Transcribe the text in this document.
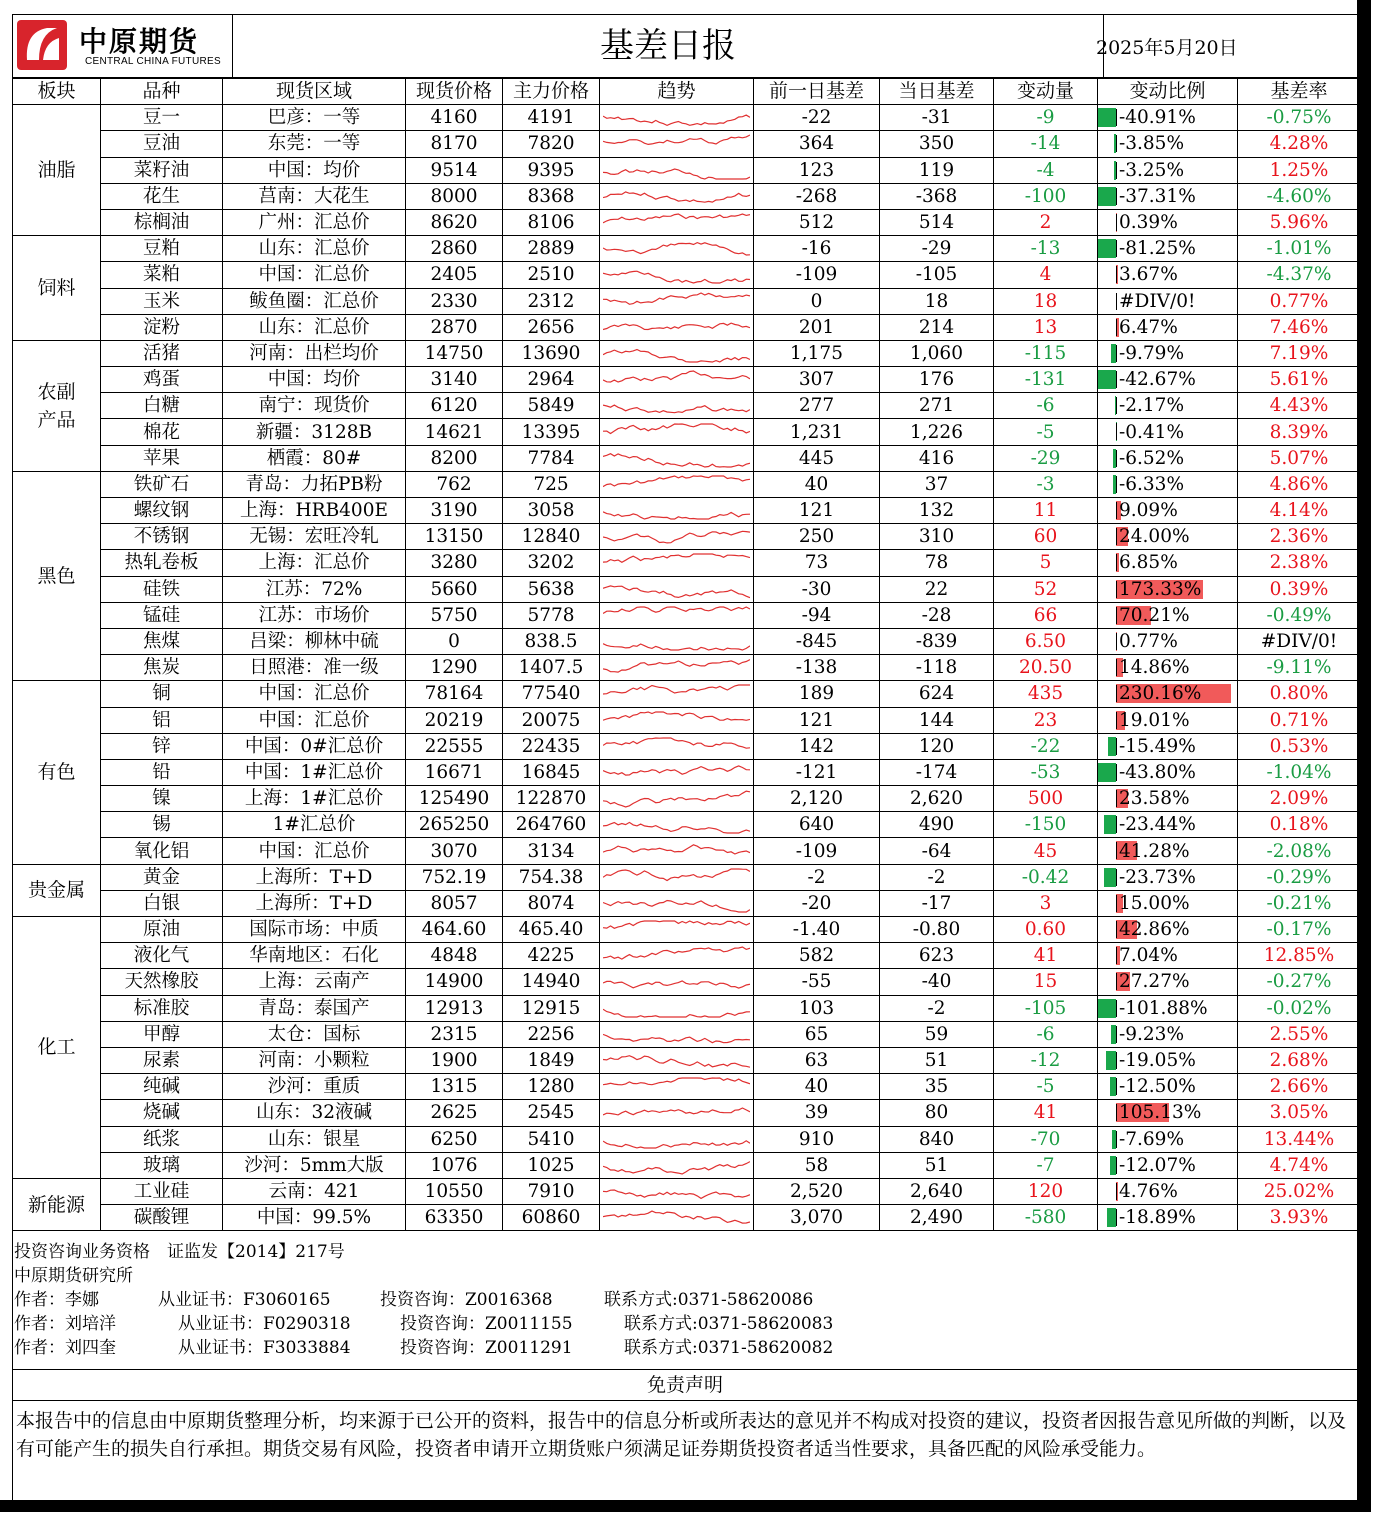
中原期货
CENTRAL CHINA FUTURES	基差日报	2025年5月20日
板块	品种	现货区域	现货价格	主力价格	趋势	前一日基差	当日基差	变动量	变动比例	基差率
油脂	豆一	巴彦：一等	4160	4191		-22	-31	-9	-40.91%	-0.75%
	豆油	东莞：一等	8170	7820		364	350	-14	-3.85%	4.28%
	菜籽油	中国：均价	9514	9395		123	119	-4	-3.25%	1.25%
	花生	莒南：大花生	8000	8368		-268	-368	-100	-37.31%	-4.60%
	棕榈油	广州：汇总价	8620	8106		512	514	2	0.39%	5.96%
饲料	豆粕	山东：汇总价	2860	2889		-16	-29	-13	-81.25%	-1.01%
	菜粕	中国：汇总价	2405	2510		-109	-105	4	3.67%	-4.37%
	玉米	鲅鱼圈：汇总价	2330	2312		0	18	18	#DIV/0!	0.77%
	淀粉	山东：汇总价	2870	2656		201	214	13	6.47%	7.46%
农副产品	活猪	河南：出栏均价	14750	13690		1,175	1,060	-115	-9.79%	7.19%
	鸡蛋	中国：均价	3140	2964		307	176	-131	-42.67%	5.61%
	白糖	南宁：现货价	6120	5849		277	271	-6	-2.17%	4.43%
	棉花	新疆：3128B	14621	13395		1,231	1,226	-5	-0.41%	8.39%
	苹果	栖霞：80#	8200	7784		445	416	-29	-6.52%	5.07%
黑色	铁矿石	青岛：力拓PB粉	762	725		40	37	-3	-6.33%	4.86%
	螺纹钢	上海：HRB400E	3190	3058		121	132	11	9.09%	4.14%
	不锈钢	无锡：宏旺冷轧	13150	12840		250	310	60	24.00%	2.36%
	热轧卷板	上海：汇总价	3280	3202		73	78	5	6.85%	2.38%
	硅铁	江苏：72%	5660	5638		-30	22	52	173.33%	0.39%
	锰硅	江苏：市场价	5750	5778		-94	-28	66	70.21%	-0.49%
	焦煤	吕梁：柳林中硫	0	838.5		-845	-839	6.50	0.77%	#DIV/0!
	焦炭	日照港：准一级	1290	1407.5		-138	-118	20.50	14.86%	-9.11%
有色	铜	中国：汇总价	78164	77540		189	624	435	230.16%	0.80%
	铝	中国：汇总价	20219	20075		121	144	23	19.01%	0.71%
	锌	中国：0#汇总价	22555	22435		142	120	-22	-15.49%	0.53%
	铅	中国：1#汇总价	16671	16845		-121	-174	-53	-43.80%	-1.04%
	镍	上海：1#汇总价	125490	122870		2,120	2,620	500	23.58%	2.09%
	锡	1#汇总价	265250	264760		640	490	-150	-23.44%	0.18%
	氧化铝	中国：汇总价	3070	3134		-109	-64	45	41.28%	-2.08%
贵金属	黄金	上海所：T+D	752.19	754.38		-2	-2	-0.42	-23.73%	-0.29%
	白银	上海所：T+D	8057	8074		-20	-17	3	15.00%	-0.21%
化工	原油	国际市场：中质	464.60	465.40		-1.40	-0.80	0.60	42.86%	-0.17%
	液化气	华南地区：石化	4848	4225		582	623	41	7.04%	12.85%
	天然橡胶	上海：云南产	14900	14940		-55	-40	15	27.27%	-0.27%
	标准胶	青岛：泰国产	12913	12915		103	-2	-105	-101.88%	-0.02%
	甲醇	太仓：国标	2315	2256		65	59	-6	-9.23%	2.55%
	尿素	河南：小颗粒	1900	1849		63	51	-12	-19.05%	2.68%
	纯碱	沙河：重质	1315	1280		40	35	-5	-12.50%	2.66%
	烧碱	山东：32液碱	2625	2545		39	80	41	105.13%	3.05%
	纸浆	山东：银星	6250	5410		910	840	-70	-7.69%	13.44%
	玻璃	沙河：5mm大版	1076	1025		58	51	-7	-12.07%	4.74%
新能源	工业硅	云南：421	10550	7910		2,520	2,640	120	4.76%	25.02%
	碳酸锂	中国：99.5%	63350	60860		3,070	2,490	-580	-18.89%	3.93%
投资咨询业务资格　证监发【2014】217号
中原期货研究所
作者：李娜	从业证书：F3060165	投资咨询：Z0016368	联系方式:0371-58620086
作者：刘培洋	从业证书：F0290318	投资咨询：Z0011155	联系方式:0371-58620083
作者：刘四奎	从业证书：F3033884	投资咨询：Z0011291	联系方式:0371-58620082
免责声明
本报告中的信息由中原期货整理分析，均来源于已公开的资料，报告中的信息分析或所表达的意见并不构成对投资的建议，投资者因报告意见所做的判断，以及有可能产生的损失自行承担。期货交易有风险，投资者申请开立期货账户须满足证券期货投资者适当性要求，具备匹配的风险承受能力。
